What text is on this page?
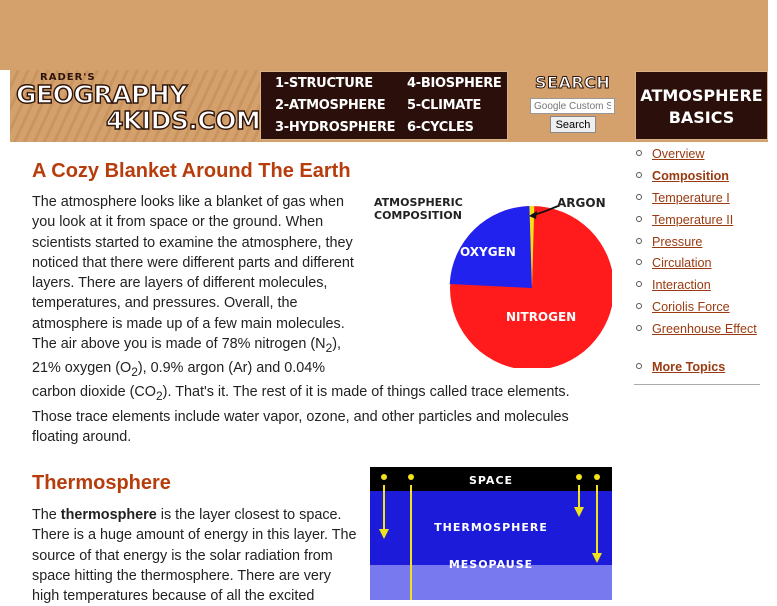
RADER'S
GEOGRAPHY
4KIDS.COM
1-STRUCTURE
2-ATMOSPHERE
3-HYDROSPHERE
4-BIOSPHERE
5-CLIMATE
6-CYCLES
SEARCH
Google Custom Search
Search
ATMOSPHERE
BASICS
A Cozy Blanket Around The Earth
ATMOSPHERIC
COMPOSITION
OXYGEN
ARGON
NITROGEN
The atmosphere looks like a blanket of gas when you look at it from space or the ground. When scientists started to examine the atmosphere, they noticed that there were different parts and different layers. There are layers of different molecules, temperatures, and pressures. Overall, the atmosphere is made up of a few main molecules. The air above you is made of 78% nitrogen $(N_2)$, 21% oxygen $(O_2)$, 0.9% argon (Ar) and 0.04% carbon dioxide $(CO_2)$. That's it. The rest of it is made of things called trace elements. Those trace elements include water vapor, ozone, and other particles and molecules floating around.
Thermosphere

The thermosphere is the layer closest to space. There is a huge amount of energy in this layer. The source of that energy is the solar radiation from space hitting the thermosphere. There are very high temperatures because of all the excited

SPACE
THERMOSPHERE
MESOPAUSE
Overview
Composition
Temperature I
Temperature II
Pressure
Circulation
Interaction
Coriolis Force
Greenhouse Effect
More Topics
